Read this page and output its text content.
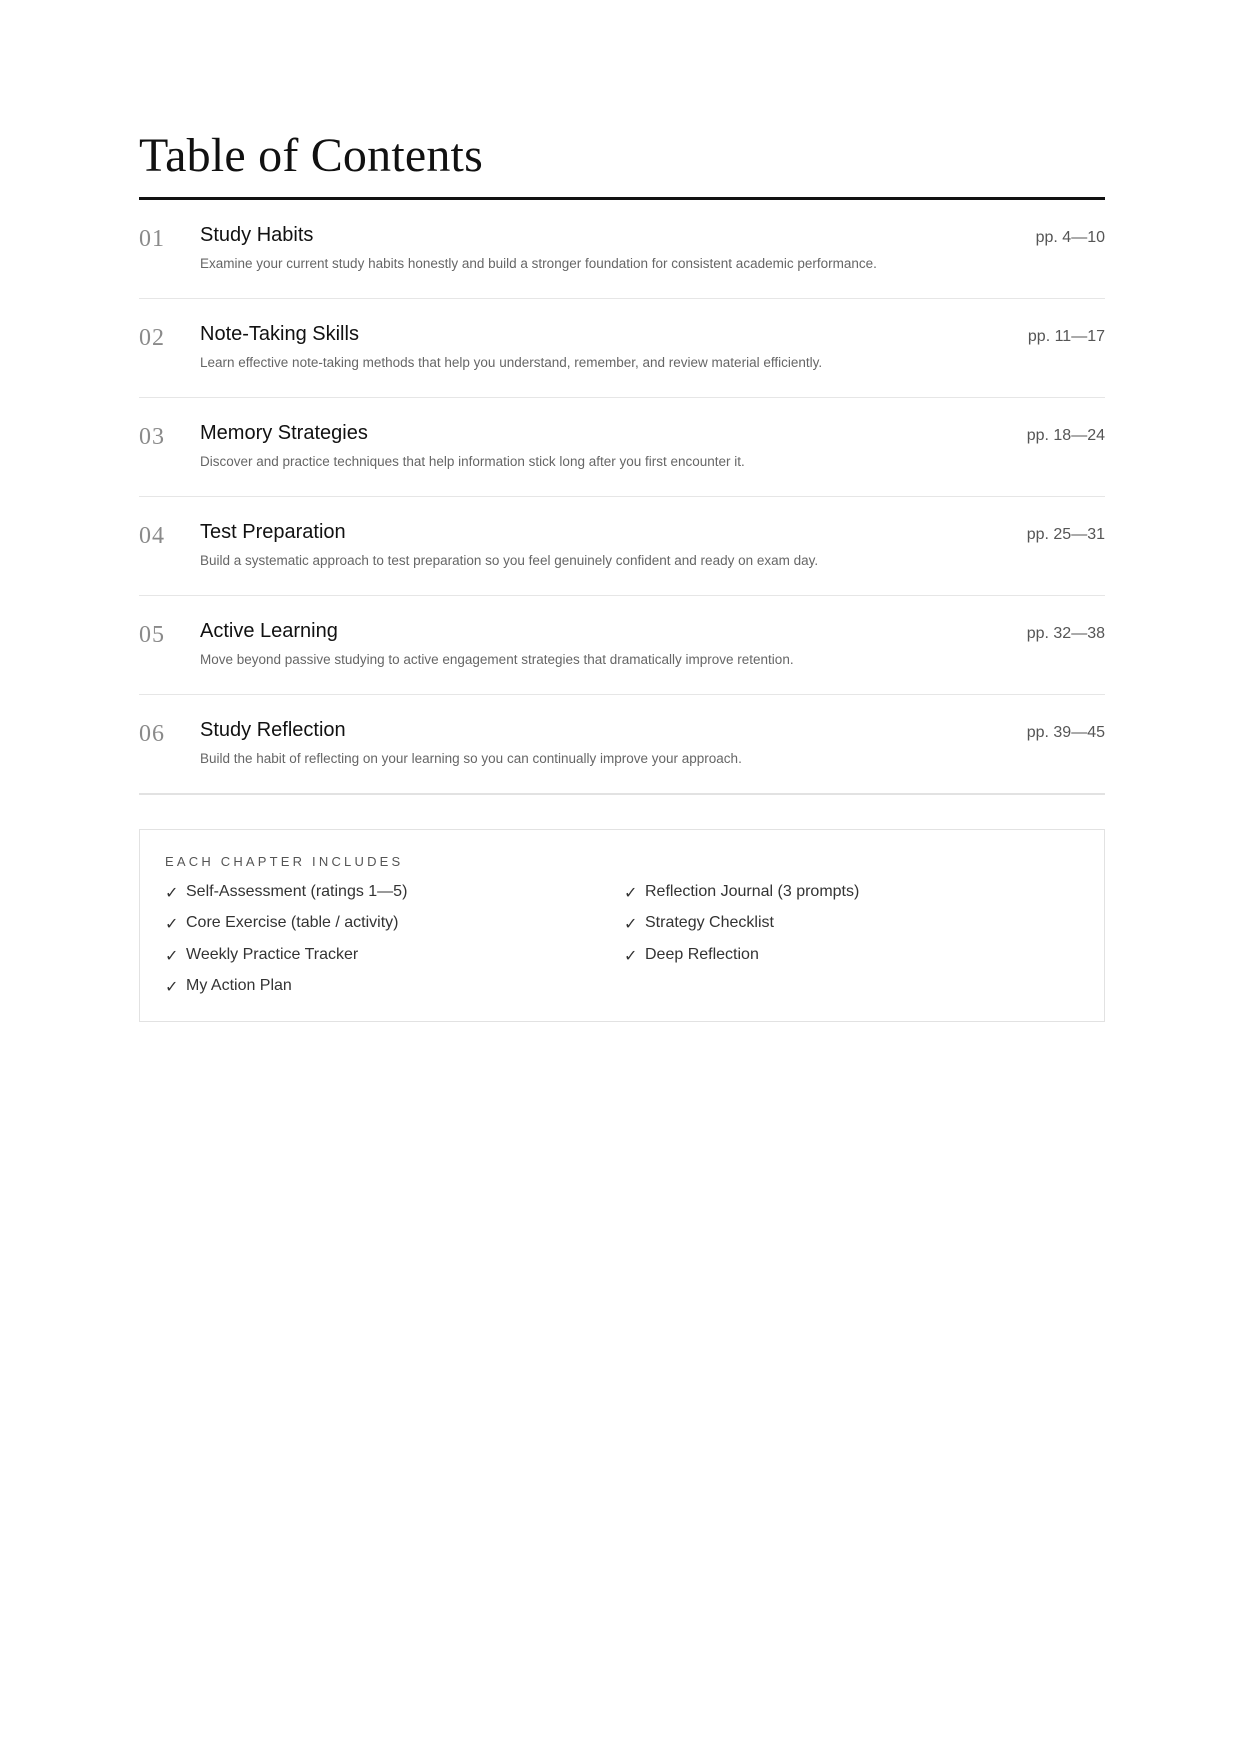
Table of Contents
01 Study Habits
Examine your current study habits honestly and build a stronger foundation for consistent academic performance.
pp. 4—10
02 Note-Taking Skills
Learn effective note-taking methods that help you understand, remember, and review material efficiently.
pp. 11—17
03 Memory Strategies
Discover and practice techniques that help information stick long after you first encounter it.
pp. 18—24
04 Test Preparation
Build a systematic approach to test preparation so you feel genuinely confident and ready on exam day.
pp. 25—31
05 Active Learning
Move beyond passive studying to active engagement strategies that dramatically improve retention.
pp. 32—38
06 Study Reflection
Build the habit of reflecting on your learning so you can continually improve your approach.
pp. 39—45
EACH CHAPTER INCLUDES
✓ Self-Assessment (ratings 1—5)
✓ Core Exercise (table / activity)
✓ Weekly Practice Tracker
✓ My Action Plan
✓ Reflection Journal (3 prompts)
✓ Strategy Checklist
✓ Deep Reflection
